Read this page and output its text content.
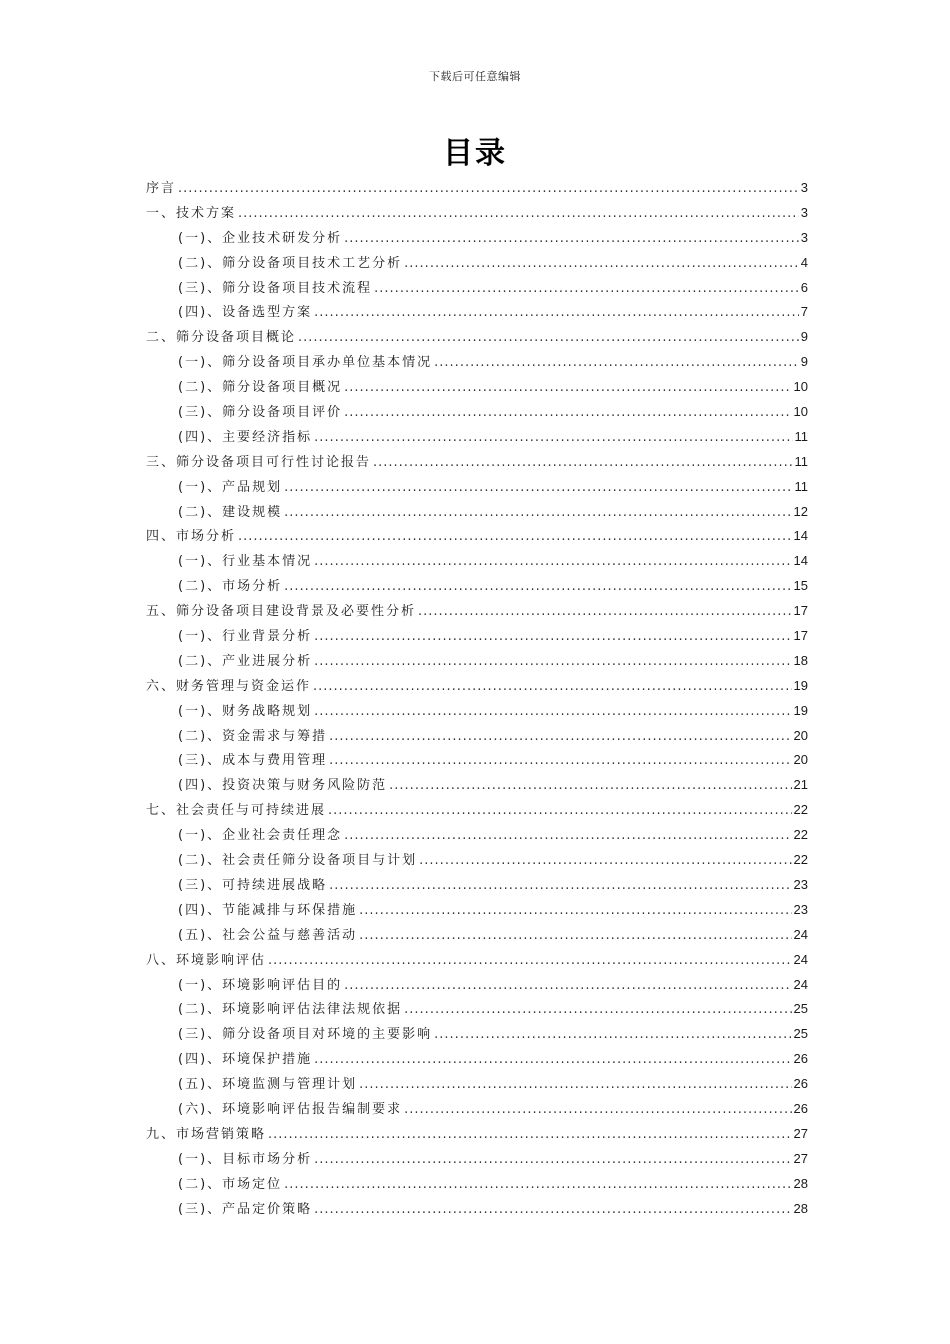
下载后可任意编辑
目录
序言 .....	3
一、技术方案 .....	3
(一)、企业技术研发分析 .....	3
(二)、筛分设备项目技术工艺分析 .....	4
(三)、筛分设备项目技术流程 .....	6
(四)、设备选型方案 .....	7
二、筛分设备项目概论 .....	9
(一)、筛分设备项目承办单位基本情况 .....	9
(二)、筛分设备项目概况 .....	10
(三)、筛分设备项目评价 .....	10
(四)、主要经济指标 .....	11
三、筛分设备项目可行性讨论报告 .....	11
(一)、产品规划 .....	11
(二)、建设规模 .....	12
四、市场分析 .....	14
(一)、行业基本情况 .....	14
(二)、市场分析 .....	15
五、筛分设备项目建设背景及必要性分析 .....	17
(一)、行业背景分析 .....	17
(二)、产业进展分析 .....	18
六、财务管理与资金运作 .....	19
(一)、财务战略规划 .....	19
(二)、资金需求与筹措 .....	20
(三)、成本与费用管理 .....	20
(四)、投资决策与财务风险防范 .....	21
七、社会责任与可持续进展 .....	22
(一)、企业社会责任理念 .....	22
(二)、社会责任筛分设备项目与计划 .....	22
(三)、可持续进展战略 .....	23
(四)、节能减排与环保措施 .....	23
(五)、社会公益与慈善活动 .....	24
八、环境影响评估 .....	24
(一)、环境影响评估目的 .....	24
(二)、环境影响评估法律法规依据 .....	25
(三)、筛分设备项目对环境的主要影响 .....	25
(四)、环境保护措施 .....	26
(五)、环境监测与管理计划 .....	26
(六)、环境影响评估报告编制要求 .....	26
九、市场营销策略 .....	27
(一)、目标市场分析 .....	27
(二)、市场定位 .....	28
(三)、产品定价策略 .....	28
